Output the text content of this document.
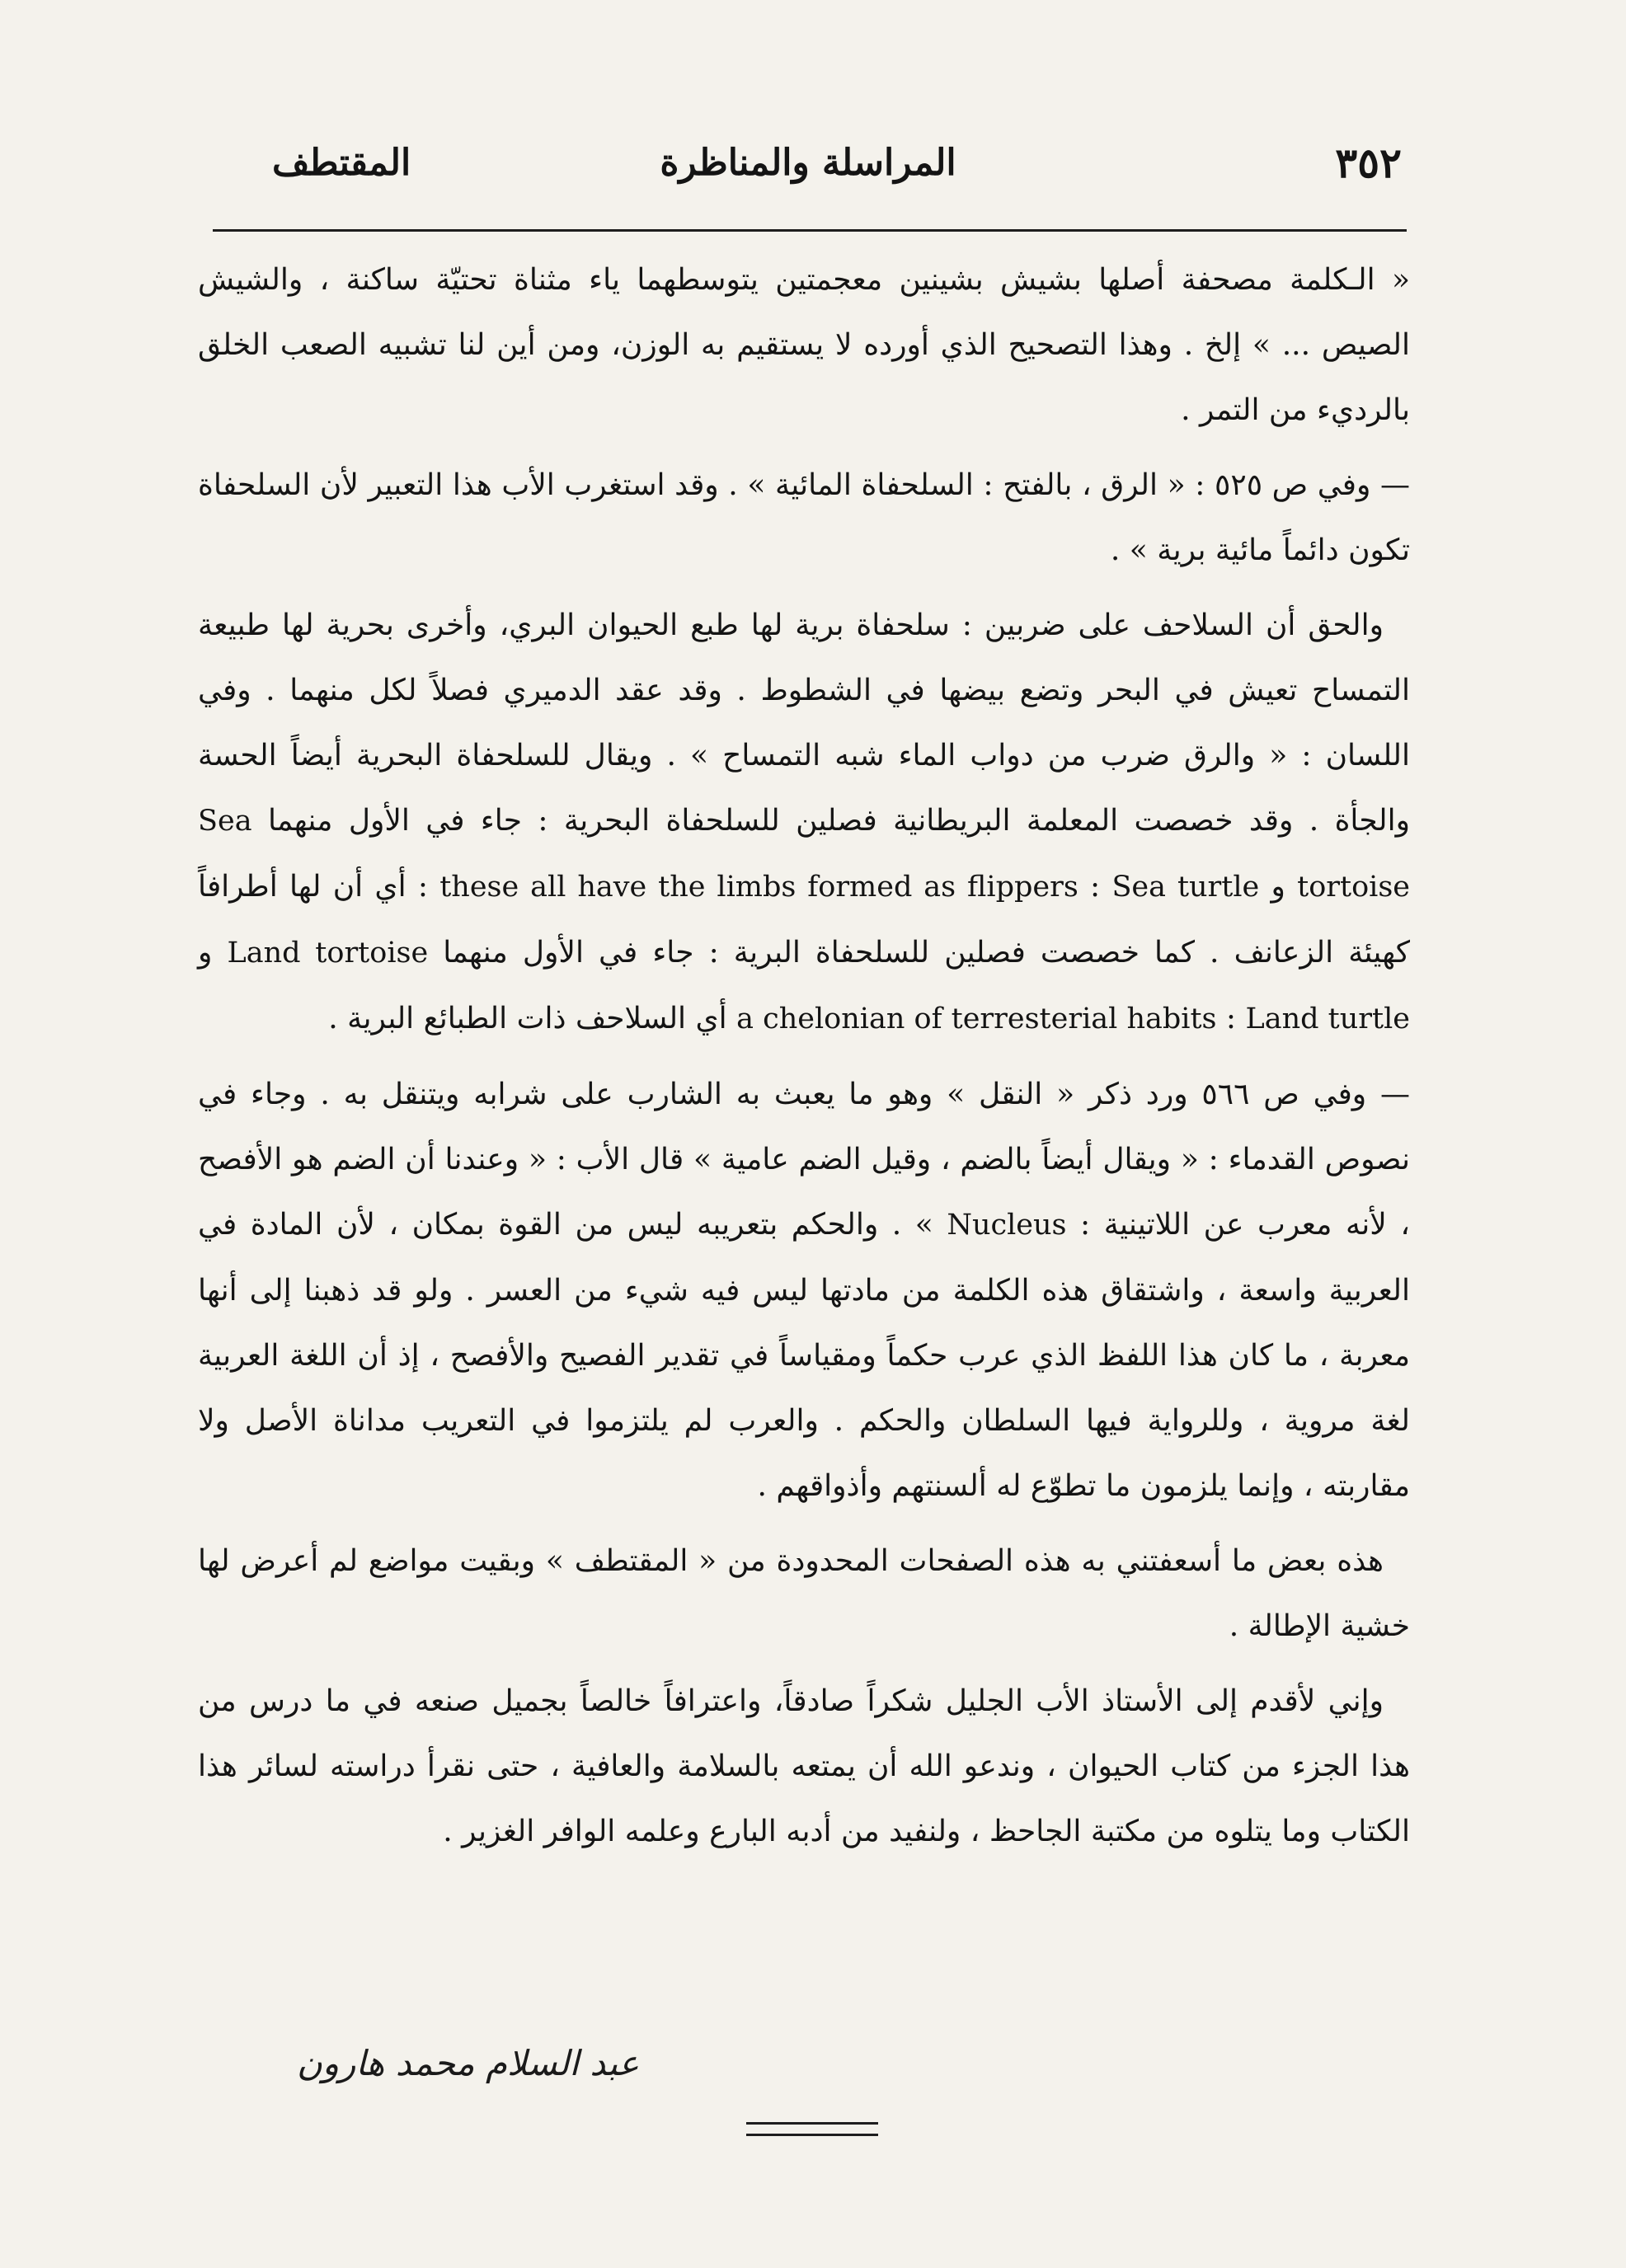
٣٥٢
المراسلة والمناظرة
المقتطف

« الـكلمة مصحفة أصلها بشيش بشينين معجمتين يتوسطهما ياء مثناة تحتيّة ساكنة ، والشيش الصيص ... » إلخ . وهذا التصحيح الذي أورده لا يستقيم به الوزن، ومن أين لنا تشبيه الصعب الخلق بالرديء من التمر .

— وفي ص ٥٢٥ : « الرق ، بالفتح : السلحفاة المائية » . وقد استغرب الأب هذا التعبير لأن السلحفاة تكون دائماً مائية برية » .

والحق أن السلاحف على ضربين : سلحفاة برية لها طبع الحيوان البري، وأخرى بحرية لها طبيعة التمساح تعيش في البحر وتضع بيضها في الشطوط . وقد عقد الدميري فصلاً لكل منهما . وفي اللسان : « والرق ضرب من دواب الماء شبه التمساح » . ويقال للسلحفاة البحرية أيضاً الحسة والجأة . وقد خصصت المعلمة البريطانية فصلين للسلحفاة البحرية : جاء في الأول منهما Sea tortoise و Sea turtle : these all have the limbs formed as flippers : أي أن لها أطرافاً كهيئة الزعانف . كما خصصت فصلين للسلحفاة البرية : جاء في الأول منهما Land tortoise و Land turtle : a chelonian of terresterial habits أي السلاحف ذات الطبائع البرية .

— وفي ص ٥٦٦ ورد ذكر « النقل » وهو ما يعبث به الشارب على شرابه ويتنقل به . وجاء في نصوص القدماء : « ويقال أيضاً بالضم ، وقيل الضم عامية » قال الأب : « وعندنا أن الضم هو الأفصح ، لأنه معرب عن اللاتينية : Nucleus » . والحكم بتعريبه ليس من القوة بمكان ، لأن المادة في العربية واسعة ، واشتقاق هذه الكلمة من مادتها ليس فيه شيء من العسر . ولو قد ذهبنا إلى أنها معربة ، ما كان هذا اللفظ الذي عرب حكماً ومقياساً في تقدير الفصيح والأفصح ، إذ أن اللغة العربية لغة مروية ، وللرواية فيها السلطان والحكم . والعرب لم يلتزموا في التعريب مداناة الأصل ولا مقاربته ، وإنما يلزمون ما تطوّع له ألسنتهم وأذواقهم .

هذه بعض ما أسعفتني به هذه الصفحات المحدودة من « المقتطف » وبقيت مواضع لم أعرض لها خشية الإطالة .

وإني لأقدم إلى الأستاذ الأب الجليل شكراً صادقاً، واعترافاً خالصاً بجميل صنعه في ما درس من هذا الجزء من كتاب الحيوان ، وندعو الله أن يمتعه بالسلامة والعافية ، حتى نقرأ دراسته لسائر هذا الكتاب وما يتلوه من مكتبة الجاحظ ، ولنفيد من أدبه البارع وعلمه الوافر الغزير .

عبد السلام محمد هارون
